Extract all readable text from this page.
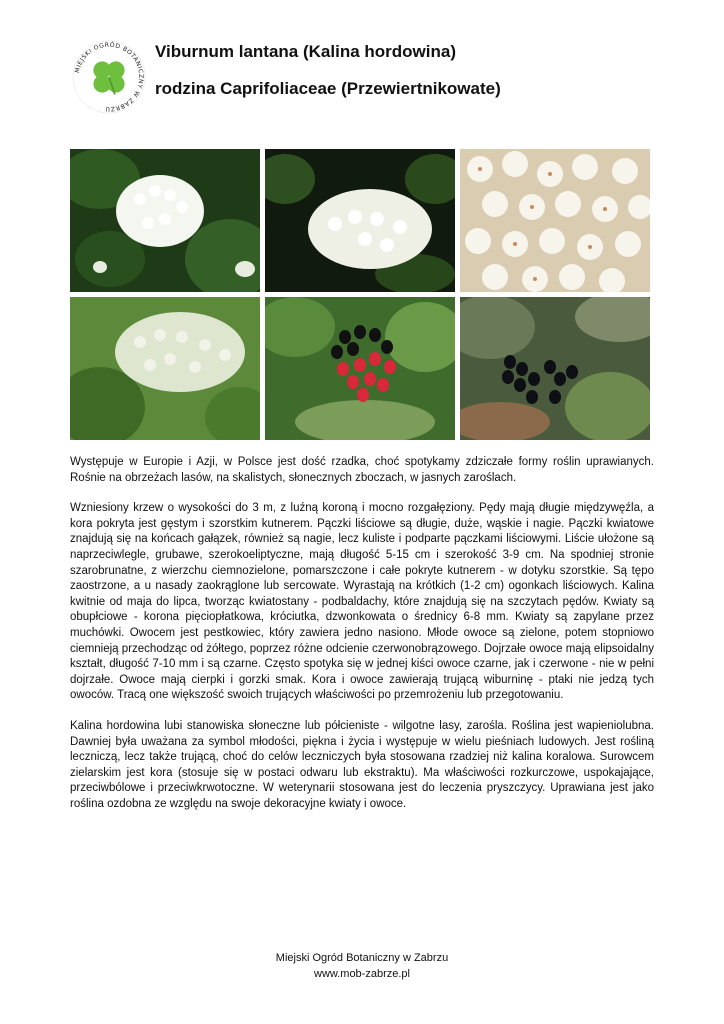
MIEJSKI OGRÓD BOTANICZNY W ZABRZU
Viburnum lantana (Kalina hordowina)
rodzina Caprifoliaceae (Przewiertnikowate)

Występuje w Europie i Azji, w Polsce jest dość rzadka, choć spotykamy zdziczałe formy roślin uprawianych. Rośnie na obrzeżach lasów, na skalistych, słonecznych zboczach, w jasnych zaroślach.

Wzniesiony krzew o wysokości do 3 m, z luźną koroną i mocno rozgałęziony. Pędy mają długie międzywęźla, a kora pokryta jest gęstym i szorstkim kutnerem. Pączki liściowe są długie, duże, wąskie i nagie. Pączki kwiatowe znajdują się na końcach gałązek, również są nagie, lecz kuliste i podparte pączkami liściowymi. Liście ułożone są naprzeciwlegle, grubawe, szerokoeliptyczne, mają długość 5-15 cm i szerokość 3-9 cm. Na spodniej stronie szarobrunatne, z wierzchu ciemnozielone, pomarszczone i całe pokryte kutnerem - w dotyku szorstkie. Są tępo zaostrzone, a u nasady zaokrąglone lub sercowate. Wyrastają na krótkich (1-2 cm) ogonkach liściowych. Kalina kwitnie od maja do lipca, tworząc kwiatostany - podbaldachy, które znajdują się na szczytach pędów. Kwiaty są obupłciowe - korona pięciopłatkowa, króciutka, dzwonkowata o średnicy 6-8 mm. Kwiaty są zapylane przez muchówki. Owocem jest pestkowiec, który zawiera jedno nasiono. Młode owoce są zielone, potem stopniowo ciemnieją przechodząc od żółtego, poprzez różne odcienie czerwonobrązowego. Dojrzałe owoce mają elipsoidalny kształt, długość 7-10 mm i są czarne. Często spotyka się w jednej kiści owoce czarne, jak i czerwone - nie w pełni dojrzałe. Owoce mają cierpki i gorzki smak. Kora i owoce zawierają trującą wiburninę - ptaki nie jedzą tych owoców. Tracą one większość swoich trujących właściwości po przemrożeniu lub przegotowaniu.

Kalina hordowina lubi stanowiska słoneczne lub półcieniste - wilgotne lasy, zarośla. Roślina jest wapieniolubna. Dawniej była uważana za symbol młodości, piękna i życia i występuje w wielu pieśniach ludowych. Jest rośliną leczniczą, lecz także trującą, choć do celów leczniczych była stosowana rzadziej niż kalina koralowa. Surowcem zielarskim jest kora (stosuje się w postaci odwaru lub ekstraktu). Ma właściwości rozkurczowe, uspokajające, przeciwbólowe i przeciwkrwotoczne. W weterynarii stosowana jest do leczenia pryszczycy. Uprawiana jest jako roślina ozdobna ze względu na swoje dekoracyjne kwiaty i owoce.

Miejski Ogród Botaniczny w Zabrzu
www.mob-zabrze.pl
